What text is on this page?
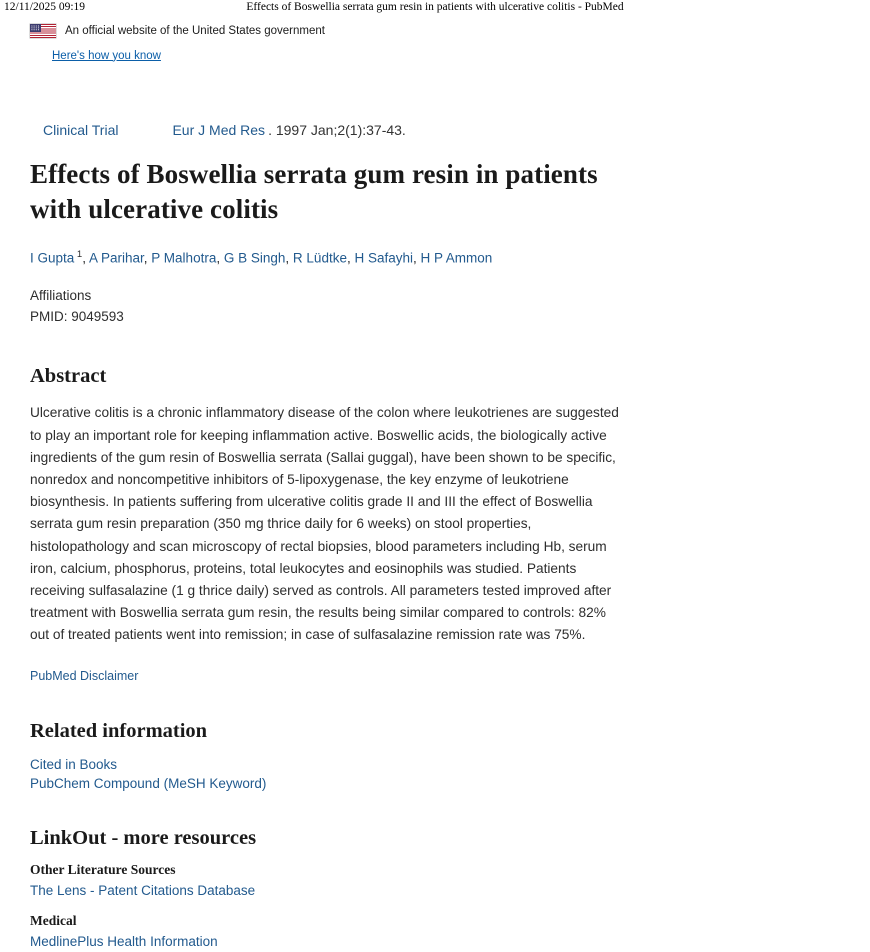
12/11/2025 09:19	Effects of Boswellia serrata gum resin in patients with ulcerative colitis - PubMed
An official website of the United States government
Here's how you know
Clinical Trial	Eur J Med Res . 1997 Jan;2(1):37-43.
Effects of Boswellia serrata gum resin in patients with ulcerative colitis
I Gupta $^1$, A Parihar, P Malhotra, G B Singh, R Lüdtke, H Safayhi, H P Ammon
Affiliations
PMID: 9049593
Abstract
Ulcerative colitis is a chronic inflammatory disease of the colon where leukotrienes are suggested to play an important role for keeping inflammation active. Boswellic acids, the biologically active ingredients of the gum resin of Boswellia serrata (Sallai guggal), have been shown to be specific, nonredox and noncompetitive inhibitors of 5-lipoxygenase, the key enzyme of leukotriene biosynthesis. In patients suffering from ulcerative colitis grade II and III the effect of Boswellia serrata gum resin preparation (350 mg thrice daily for 6 weeks) on stool properties, histolopathology and scan microscopy of rectal biopsies, blood parameters including Hb, serum iron, calcium, phosphorus, proteins, total leukocytes and eosinophils was studied. Patients receiving sulfasalazine (1 g thrice daily) served as controls. All parameters tested improved after treatment with Boswellia serrata gum resin, the results being similar compared to controls: 82% out of treated patients went into remission; in case of sulfasalazine remission rate was 75%.
PubMed Disclaimer
Related information
Cited in Books
PubChem Compound (MeSH Keyword)
LinkOut - more resources
Other Literature Sources
The Lens - Patent Citations Database
Medical
MedlinePlus Health Information
